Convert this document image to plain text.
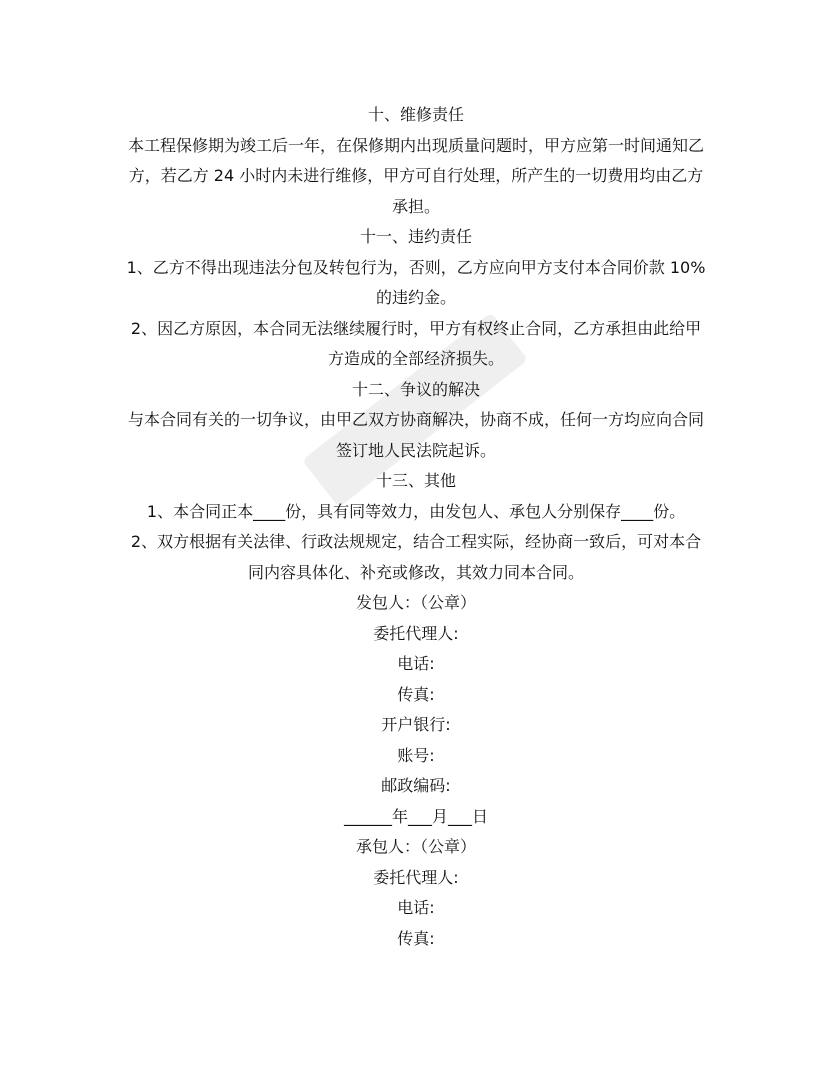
十、维修责任

本工程保修期为竣工后一年，在保修期内出现质量问题时，甲方应第一时间通知乙

方，若乙方 24 小时内未进行维修，甲方可自行处理，所产生的一切费用均由乙方

承担。

十一、违约责任

1、乙方不得出现违法分包及转包行为，否则，乙方应向甲方支付本合同价款 10%

的违约金。

2、因乙方原因，本合同无法继续履行时，甲方有权终止合同，乙方承担由此给甲

方造成的全部经济损失。

十二、争议的解决

与本合同有关的一切争议，由甲乙双方协商解决，协商不成，任何一方均应向合同

签订地人民法院起诉。

十三、其他

1、本合同正本____份，具有同等效力，由发包人、承包人分别保存____份。

2、双方根据有关法律、行政法规规定，结合工程实际，经协商一致后，可对本合

同内容具体化、补充或修改，其效力同本合同。

发包人：（公章）

委托代理人:

电话:

传真:

开户银行:

账号:

邮政编码:

______年___月___日

承包人：（公章）

委托代理人:

电话:

传真:
